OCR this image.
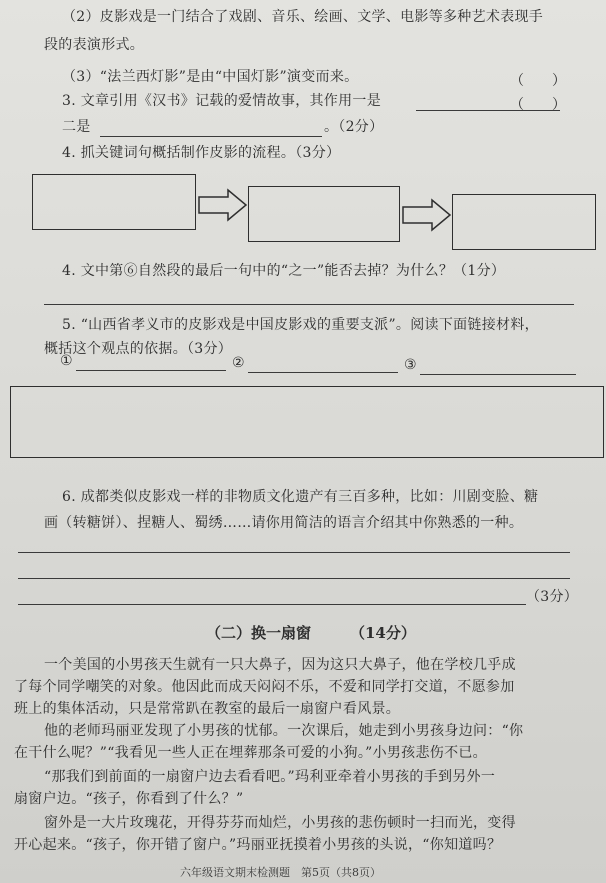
（2）皮影戏是一门结合了戏剧、音乐、绘画、文学、电影等多种艺术表现手
段的表演形式。
（　　）
（3）“法兰西灯影”是由“中国灯影”演变而来。
（　　）
3. 文章引用《汉书》记载的爱情故事，其作用一是
二是	。（2分）
4. 抓关键词句概括制作皮影的流程。（3分）
4. 文中第⑥自然段的最后一句中的“之一”能否去掉？为什么？（1分）
5. “山西省孝义市的皮影戏是中国皮影戏的重要支派”。阅读下面链接材料，
概括这个观点的依据。（3分）
①	②	③
6. 成都类似皮影戏一样的非物质文化遗产有三百多种，比如：川剧变脸、糖
画（转糖饼）、捏糖人、蜀绣……请你用简洁的语言介绍其中你熟悉的一种。
（3分）
（二）换一扇窗	（14分）
一个美国的小男孩天生就有一只大鼻子，因为这只大鼻子，他在学校几乎成
了每个同学嘲笑的对象。他因此而成天闷闷不乐，不爱和同学打交道，不愿参加
班上的集体活动，只是常常趴在教室的最后一扇窗户看风景。
他的老师玛丽亚发现了小男孩的忧郁。一次课后，她走到小男孩身边问：“你
在干什么呢？”“我看见一些人正在埋葬那条可爱的小狗。”小男孩悲伤不已。
“那我们到前面的一扇窗户边去看看吧。”玛利亚牵着小男孩的手到另外一
扇窗户边。“孩子，你看到了什么？”
窗外是一大片玫瑰花，开得芬芬而灿烂，小男孩的悲伤顿时一扫而光，变得
开心起来。“孩子，你开错了窗户。”玛丽亚抚摸着小男孩的头说，“你知道吗？
六年级语文期末检测题　第5页（共8页）
